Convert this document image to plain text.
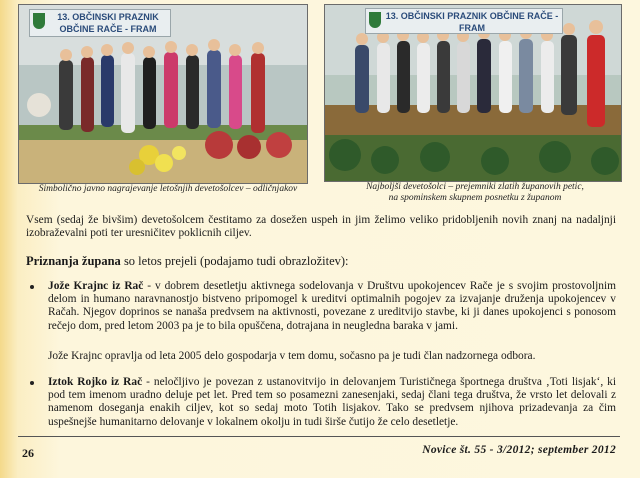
13. OBČINSKI PRAZNIK OBČINE RAČE - FRAM
13. OBČINSKI PRAZNIK OBČINE RAČE - FRAM
Simbolično javno nagrajevanje letošnjih devetošolcev – odličnjakov	Najboljši devetošolci – prejemniki zlatih županovih petic,
na spominskem skupnem posnetku z županom
Vsem (sedaj že bivšim) devetošolcem čestitamo za dosežen uspeh in jim želimo veliko pridobljenih novih znanj na nadaljnji izobraževalni poti ter uresničitev poklicnih ciljev.
Priznanja župana so letos prejeli (podajamo tudi obrazložitev):
Jože Krajnc iz Rač - v dobrem desetletju aktivnega sodelovanja v Društvu upokojencev Rače je s svojim prostovoljnim delom in humano naravnanostjo bistveno pripomogel k ureditvi optimalnih pogojev za izvajanje druženja upokojencev v Račah. Njegov doprinos se nanaša predvsem na aktivnosti, povezane z ureditvijo stavbe, ki ji danes upokojenci s ponosom rečejo dom, pred letom 2003 pa je to bila opuščena, dotrajana in neugledna baraka v jami.
Jože Krajnc opravlja od leta 2005 delo gospodarja v tem domu, sočasno pa je tudi član nadzornega odbora.
Iztok Rojko iz Rač - neločljivo je povezan z ustanovitvijo in delovanjem Turističnega športnega društva ‚Toti lisjak‘, ki pod tem imenom uradno deluje pet let. Pred tem so posamezni zanesenjaki, sedaj člani tega društva, že vrsto let delovali z namenom doseganja enakih ciljev, kot so sedaj moto Totih lisjakov. Tako se predvsem njihova prizadevanja za čim uspešnejše humanitarno delovanje v lokalnem okolju in tudi širše čutijo že celo desetletje.
26	Novice št. 55 - 3/2012; september 2012
